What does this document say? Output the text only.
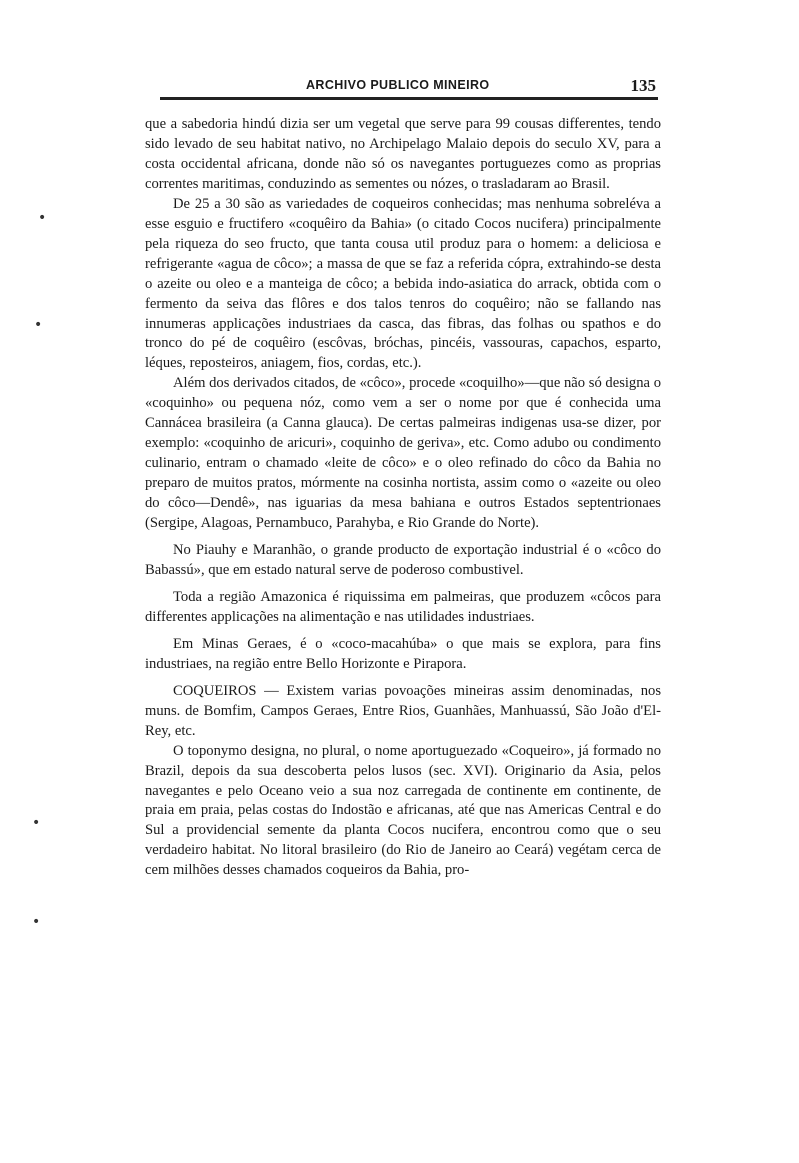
ARCHIVO PUBLICO MINEIRO	135
•
•
•
•

que a sabedoria hindú dizia ser um vegetal que serve para 99 cousas differentes, tendo sido levado de seu habitat nativo, no Archipelago Malaio depois do seculo XV, para a costa occidental africana, donde não só os navegantes portuguezes como as proprias correntes maritimas, conduzindo as sementes ou nózes, o trasladaram ao Brasil.

De 25 a 30 são as variedades de coqueiros conhecidas; mas nenhuma sobreléva a esse esguio e fructifero «coquêiro da Bahia» (o citado Cocos nucifera) principalmente pela riqueza do seo fructo, que tanta cousa util produz para o homem: a deliciosa e refrigerante «agua de côco»; a massa de que se faz a referida cópra, extrahindo-se desta o azeite ou oleo e a manteiga de côco; a bebida indo-asiatica do arrack, obtida com o fermento da seiva das flôres e dos talos tenros do coquêiro; não se fallando nas innumeras applicações industriaes da casca, das fibras, das folhas ou spathos e do tronco do pé de coquêiro (escôvas, bróchas, pincéis, vassouras, capachos, esparto, léques, reposteiros, aniagem, fios, cordas, etc.).

Além dos derivados citados, de «côco», procede «coquilho»—que não só designa o «coquinho» ou pequena nóz, como vem a ser o nome por que é conhecida uma Cannácea brasileira (a Canna glauca). De certas palmeiras indigenas usa-se dizer, por exemplo: «coquinho de aricuri», coquinho de geriva», etc. Como adubo ou condimento culinario, entram o chamado «leite de côco» e o oleo refinado do côco da Bahia no preparo de muitos pratos, mórmente na cosinha nortista, assim como o «azeite ou oleo do côco—Dendê», nas iguarias da mesa bahiana e outros Estados septentrionaes (Sergipe, Alagoas, Pernambuco, Parahyba, e Rio Grande do Norte).

No Piauhy e Maranhão, o grande producto de exportação industrial é o «côco do Babassú», que em estado natural serve de poderoso combustivel.

Toda a região Amazonica é riquissima em palmeiras, que produzem «côcos para differentes applicações na alimentação e nas utilidades industriaes.

Em Minas Geraes, é o «coco-macahúba» o que mais se explora, para fins industriaes, na região entre Bello Horizonte e Pirapora.

COQUEIROS — Existem varias povoações mineiras assim denominadas, nos muns. de Bomfim, Campos Geraes, Entre Rios, Guanhães, Manhuassú, São João d'El-Rey, etc.

O toponymo designa, no plural, o nome aportuguezado «Coqueiro», já formado no Brazil, depois da sua descoberta pelos lusos (sec. XVI). Originario da Asia, pelos navegantes e pelo Oceano veio a sua noz carregada de continente em continente, de praia em praia, pelas costas do Indostão e africanas, até que nas Americas Central e do Sul a providencial semente da planta Cocos nucifera, encontrou como que o seu verdadeiro habitat. No litoral brasileiro (do Rio de Janeiro ao Ceará) vegétam cerca de cem milhões desses chamados coqueiros da Bahia, pro-
